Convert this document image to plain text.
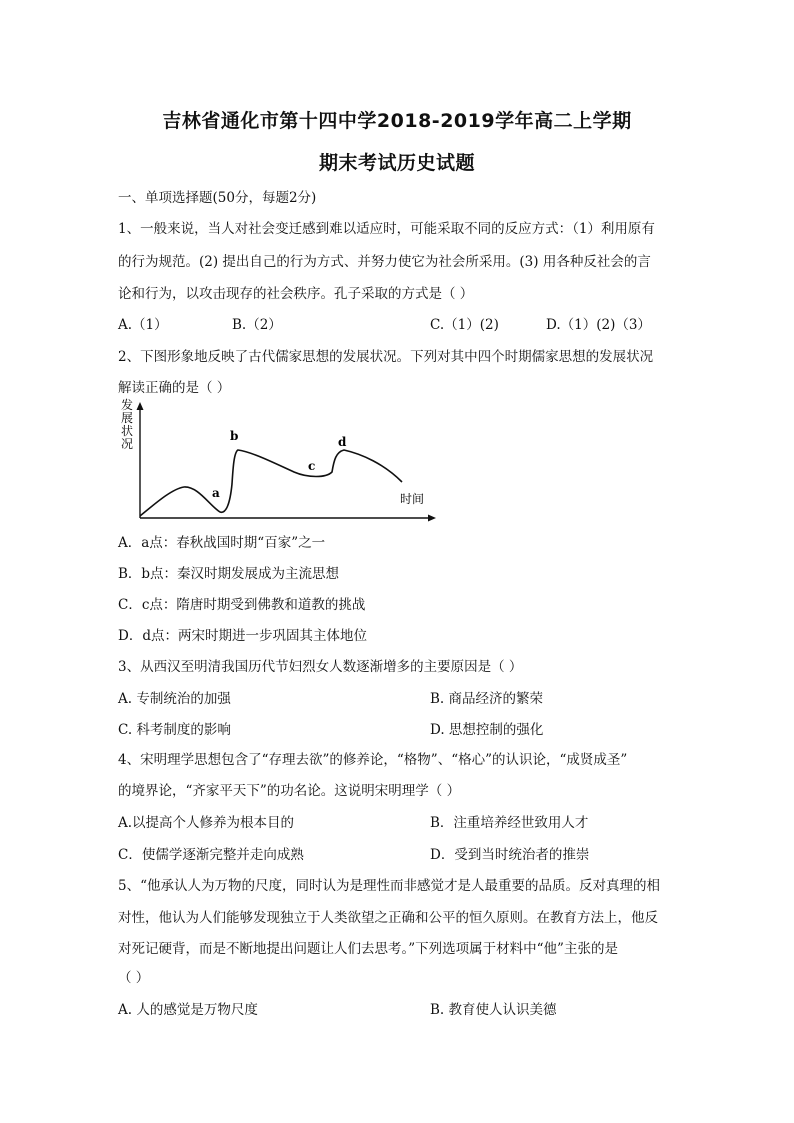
吉林省通化市第十四中学2018-2019学年高二上学期
期末考试历史试题
一、单项选择题(50分，每题2分)
1、一般来说，当人对社会变迁感到难以适应时，可能采取不同的反应方式：（1）利用原有
的行为规范。(2) 提出自己的行为方式、并努力使它为社会所采用。(3) 用各种反社会的言
论和行为，以攻击现存的社会秩序。孔子采取的方式是（ ）
A.（1）	B.（2）	C.（1）(2)	D.（1）(2)（3）
2、下图形象地反映了古代儒家思想的发展状况。下列对其中四个时期儒家思想的发展状况
解读正确的是（ ）
发
展
状
况
a
b
c
d
时间
A．a点：春秋战国时期“百家”之一
B．b点：秦汉时期发展成为主流思想
C．c点：隋唐时期受到佛教和道教的挑战
D．d点：两宋时期进一步巩固其主体地位
3、从西汉至明清我国历代节妇烈女人数逐渐增多的主要原因是（ ）
A. 专制统治的加强	B. 商品经济的繁荣
C. 科考制度的影响	D. 思想控制的强化
4、宋明理学思想包含了“存理去欲”的修养论，“格物”、“格心”的认识论，“成贤成圣”
的境界论，“齐家平天下”的功名论。这说明宋明理学（ ）
A.以提高个人修养为根本目的	B．注重培养经世致用人才
C．使儒学逐渐完整并走向成熟	D．受到当时统治者的推崇
5、“他承认人为万物的尺度，同时认为是理性而非感觉才是人最重要的品质。反对真理的相
对性，他认为人们能够发现独立于人类欲望之正确和公平的恒久原则。在教育方法上，他反
对死记硬背，而是不断地提出问题让人们去思考。”下列选项属于材料中“他”主张的是
（ ）
A. 人的感觉是万物尺度	B. 教育使人认识美德
